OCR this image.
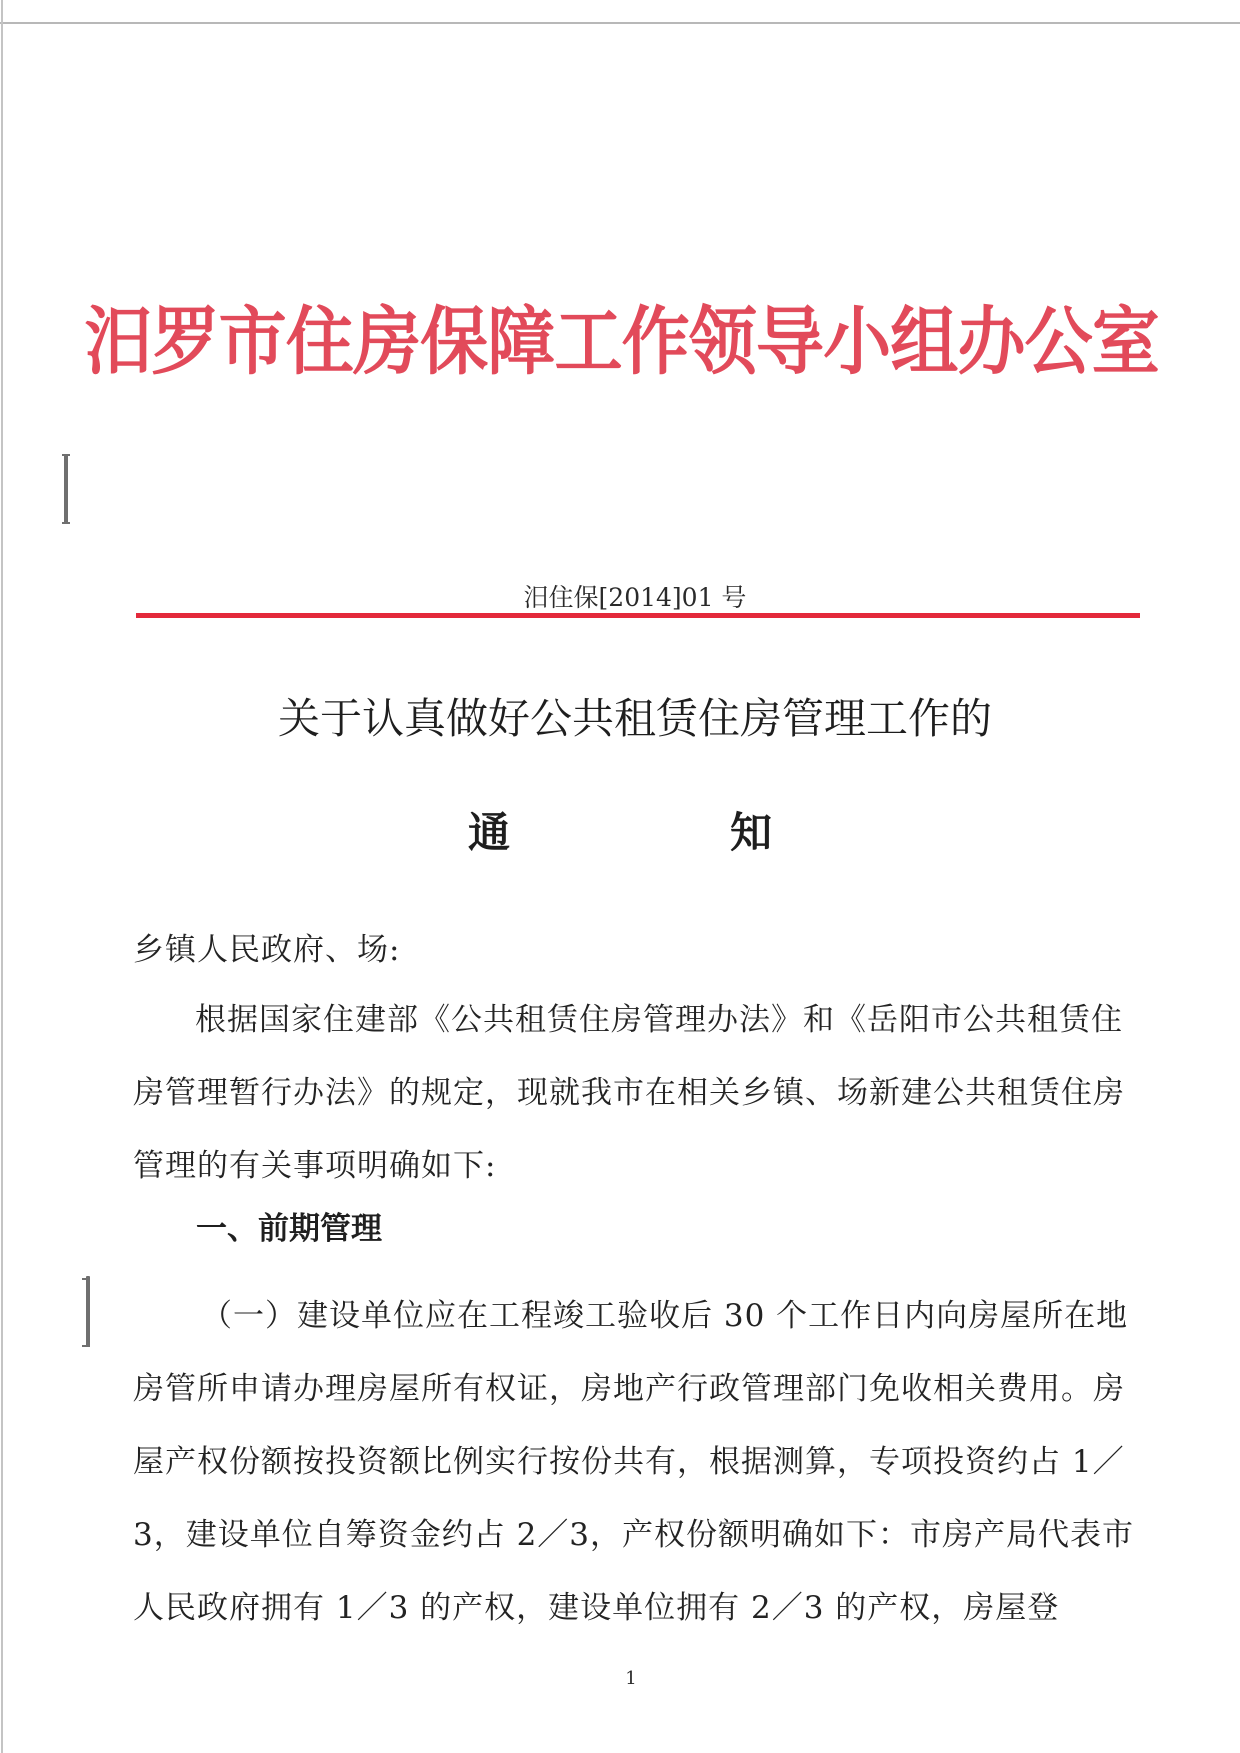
汨罗市住房保障工作领导小组办公室
汨住保[2014]01 号
关于认真做好公共租赁住房管理工作的
通	知
乡镇人民政府、场:
根据国家住建部《公共租赁住房管理办法》和《岳阳市公共租赁住房管理暂行办法》的规定，现就我市在相关乡镇、场新建公共租赁住房管理的有关事项明确如下:
一、前期管理
（一）建设单位应在工程竣工验收后 30 个工作日内向房屋所在地房管所申请办理房屋所有权证，房地产行政管理部门免收相关费用。房屋产权份额按投资额比例实行按份共有，根据测算，专项投资约占 1／3，建设单位自筹资金约占 2／3，产权份额明确如下：市房产局代表市人民政府拥有 1／3 的产权，建设单位拥有 2／3 的产权，房屋登
1
